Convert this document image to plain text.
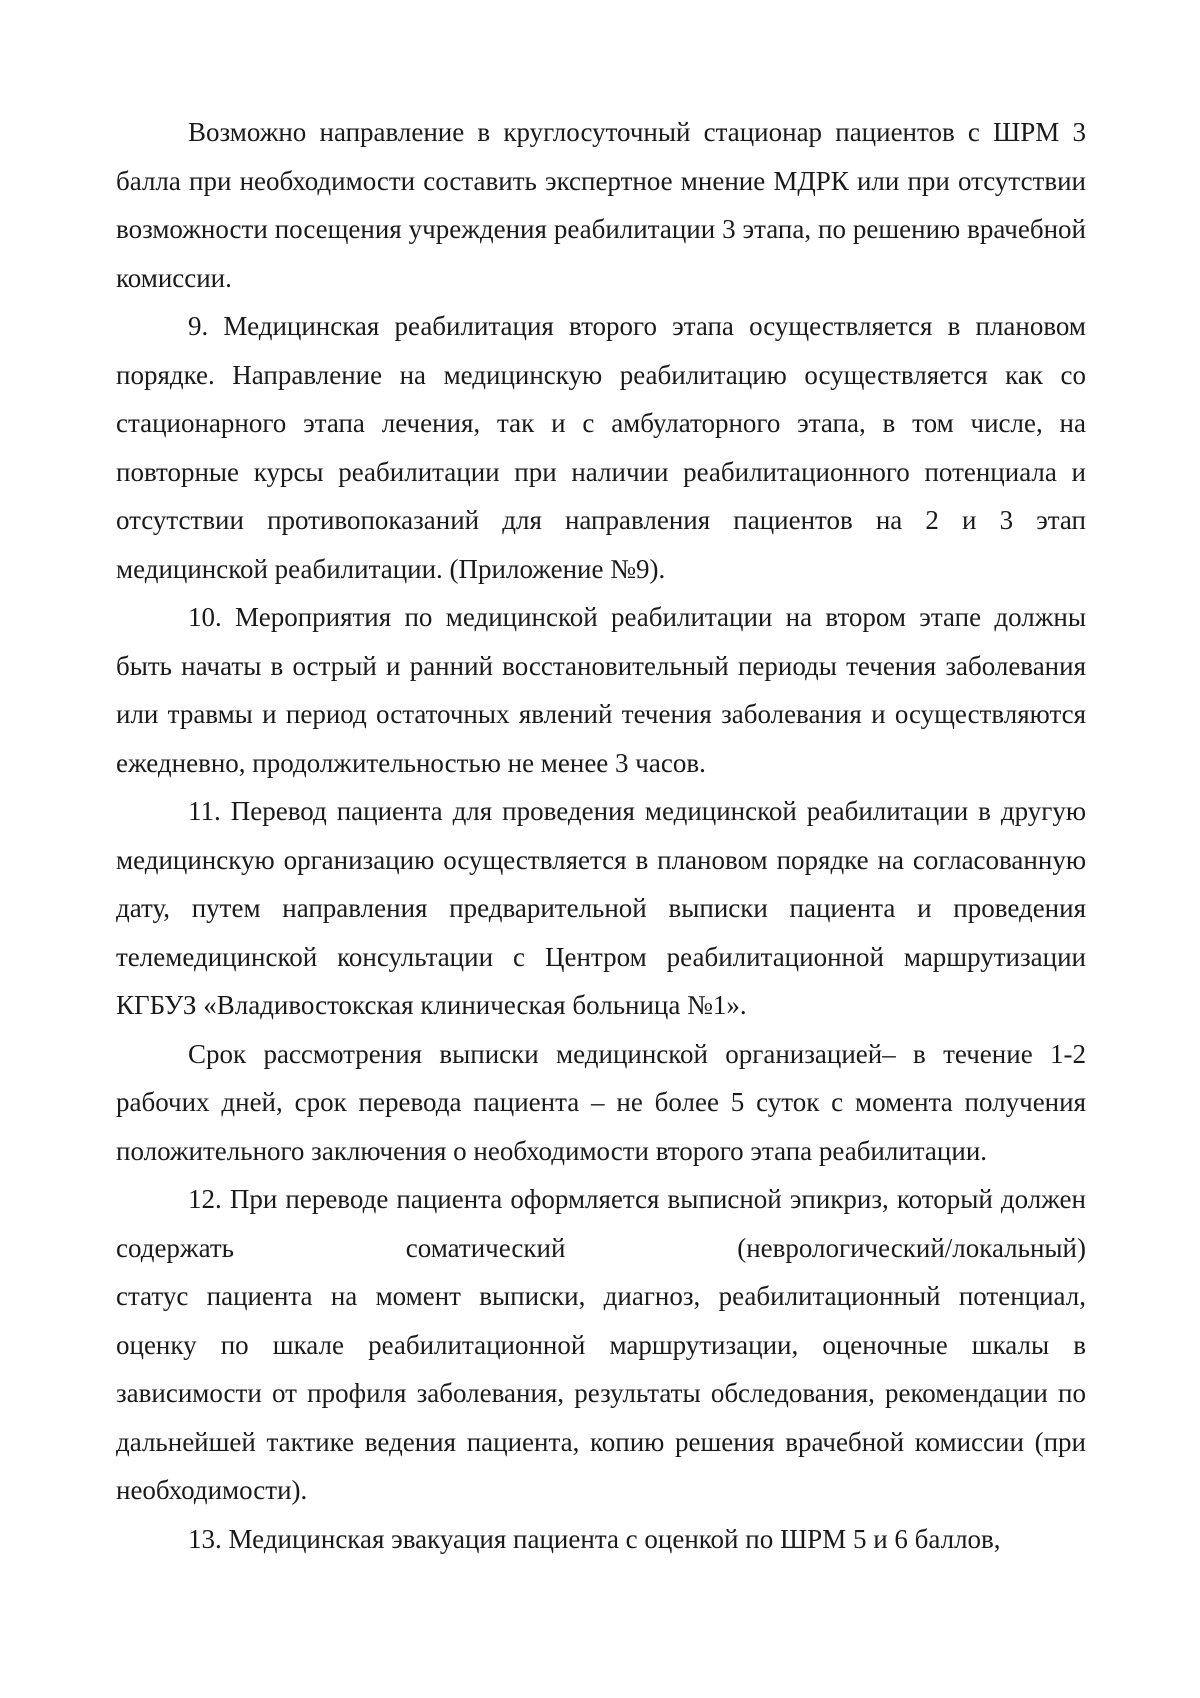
Возможно направление в круглосуточный стационар пациентов с ШРМ 3 балла при необходимости составить экспертное мнение МДРК или при отсутствии возможности посещения учреждения реабилитации 3 этапа, по решению врачебной комиссии.

9. Медицинская реабилитация второго этапа осуществляется в плановом порядке. Направление на медицинскую реабилитацию осуществляется как со стационарного этапа лечения, так и с амбулаторного этапа, в том числе, на повторные курсы реабилитации при наличии реабилитационного потенциала и отсутствии противопоказаний для направления пациентов на 2 и 3 этап медицинской реабилитации. (Приложение №9).

10. Мероприятия по медицинской реабилитации на втором этапе должны быть начаты в острый и ранний восстановительный периоды течения заболевания или травмы и период остаточных явлений течения заболевания и осуществляются ежедневно, продолжительностью не менее 3 часов.

11. Перевод пациента для проведения медицинской реабилитации в другую медицинскую организацию осуществляется в плановом порядке на согласованную дату, путем направления предварительной выписки пациента и проведения телемедицинской консультации с Центром реабилитационной маршрутизации КГБУЗ «Владивостокская клиническая больница №1».

Срок рассмотрения выписки медицинской организацией– в течение 1-2 рабочих дней, срок перевода пациента – не более 5 суток с момента получения положительного заключения о необходимости второго этапа реабилитации.

12. При переводе пациента оформляется выписной эпикриз, который должен содержать соматический (неврологический/локальный)

статус пациента на момент выписки, диагноз, реабилитационный потенциал, оценку по шкале реабилитационной маршрутизации, оценочные шкалы в зависимости от профиля заболевания, результаты обследования, рекомендации по дальнейшей тактике ведения пациента, копию решения врачебной комиссии (при необходимости).

13. Медицинская эвакуация пациента с оценкой по ШРМ 5 и 6 баллов,
